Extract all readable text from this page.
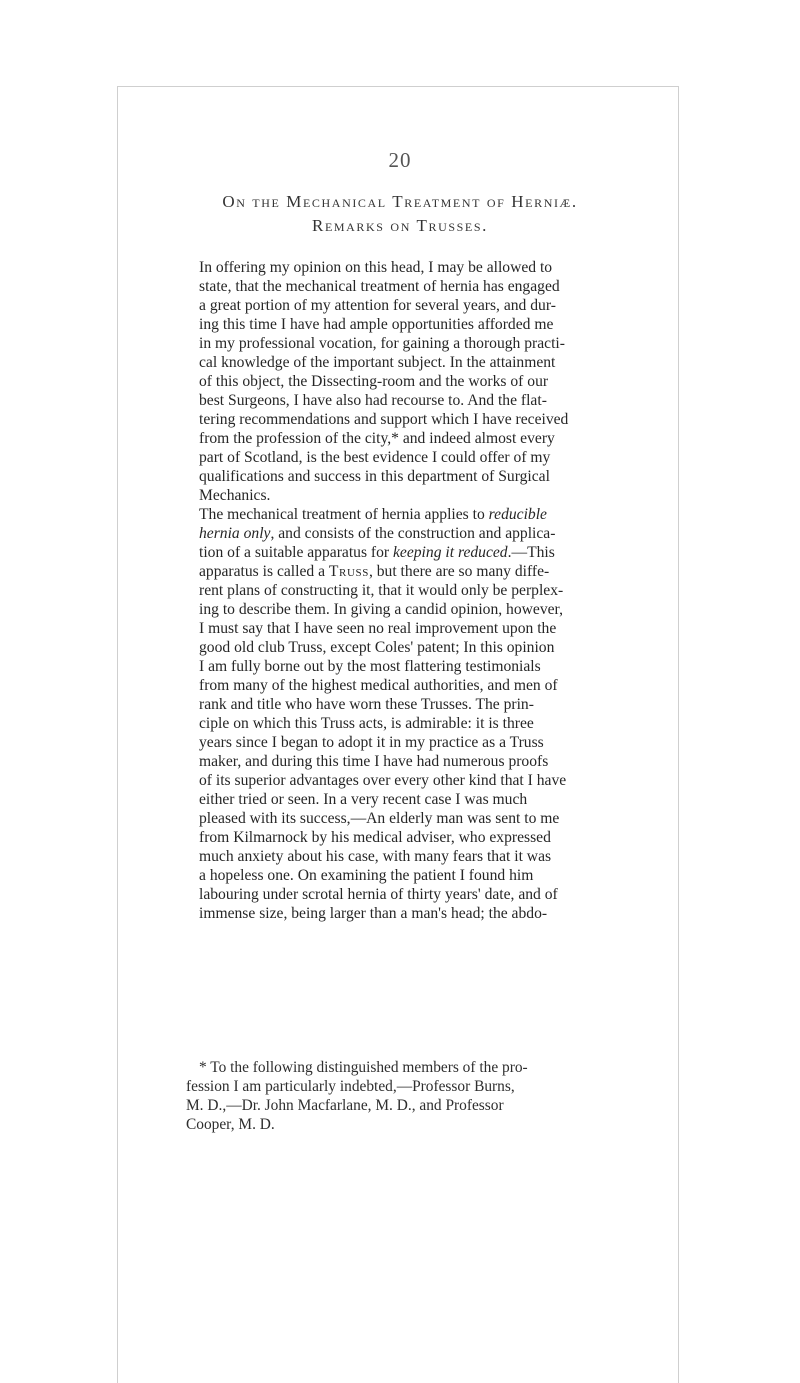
20
On the Mechanical Treatment of Herniæ.
Remarks on Trusses.

In offering my opinion on this head, I may be allowed to
state, that the mechanical treatment of hernia has engaged
a great portion of my attention for several years, and dur-
ing this time I have had ample opportunities afforded me
in my professional vocation, for gaining a thorough practi-
cal knowledge of the important subject. In the attainment
of this object, the Dissecting-room and the works of our
best Surgeons, I have also had recourse to. And the flat-
tering recommendations and support which I have received
from the profession of the city,* and indeed almost every
part of Scotland, is the best evidence I could offer of my
qualifications and success in this department of Surgical
Mechanics.

The mechanical treatment of hernia applies to reducible
hernia only, and consists of the construction and applica-
tion of a suitable apparatus for keeping it reduced.—This
apparatus is called a Truss, but there are so many diffe-
rent plans of constructing it, that it would only be perplex-
ing to describe them. In giving a candid opinion, however,
I must say that I have seen no real improvement upon the
good old club Truss, except Coles' patent; In this opinion
I am fully borne out by the most flattering testimonials
from many of the highest medical authorities, and men of
rank and title who have worn these Trusses. The prin-
ciple on which this Truss acts, is admirable: it is three
years since I began to adopt it in my practice as a Truss
maker, and during this time I have had numerous proofs
of its superior advantages over every other kind that I have
either tried or seen. In a very recent case I was much
pleased with its success,—An elderly man was sent to me
from Kilmarnock by his medical adviser, who expressed
much anxiety about his case, with many fears that it was
a hopeless one. On examining the patient I found him
labouring under scrotal hernia of thirty years' date, and of
immense size, being larger than a man's head; the abdo-

* To the following distinguished members of the pro-
fession I am particularly indebted,—Professor Burns,
M. D.,—Dr. John Macfarlane, M. D., and Professor
Cooper, M. D.
